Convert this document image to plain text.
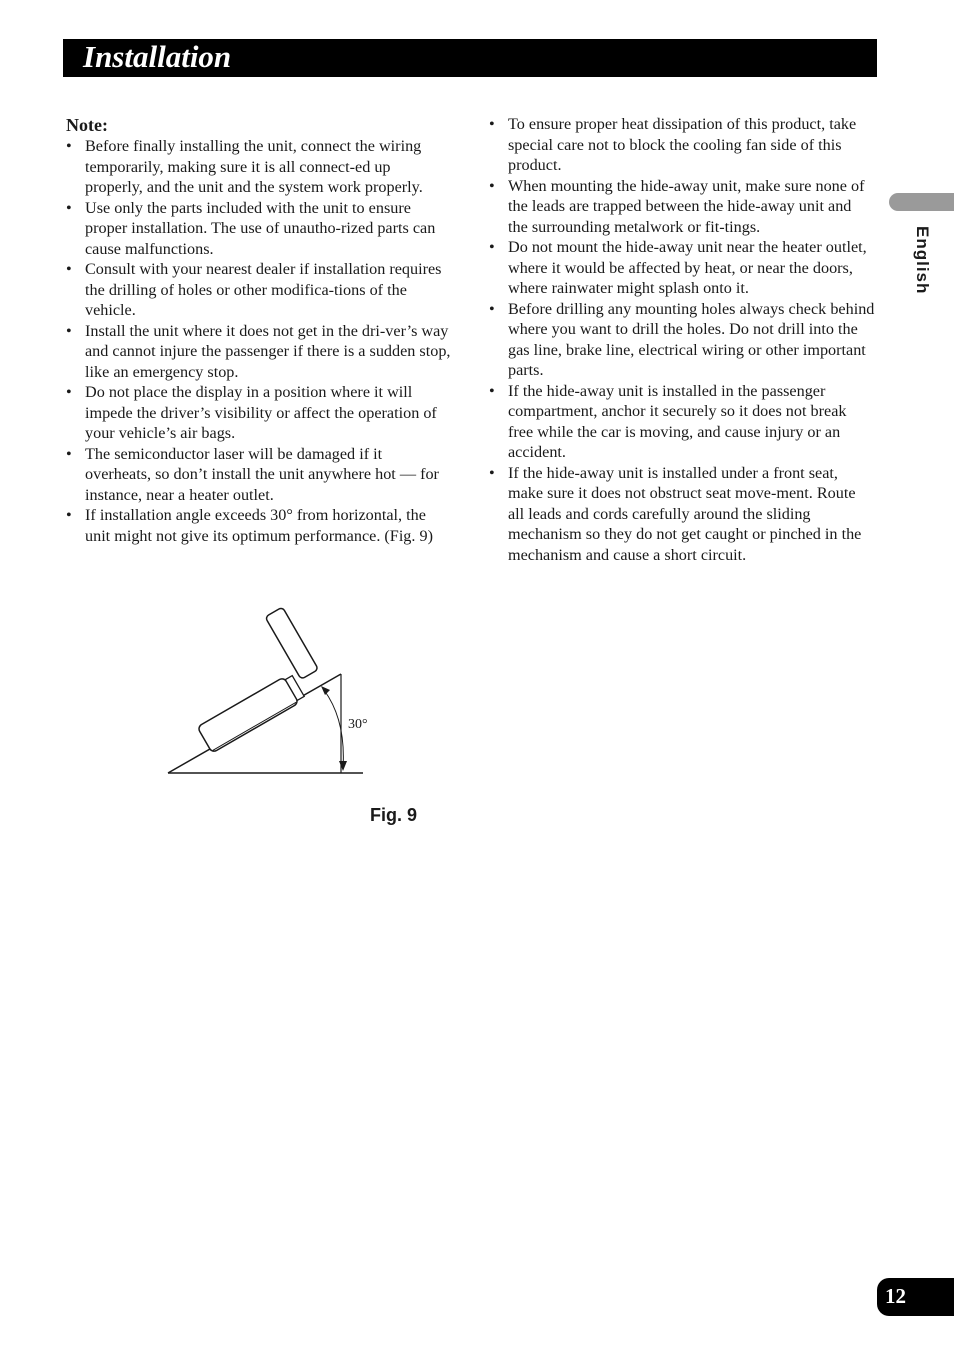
Installation
Note:
• Before finally installing the unit, connect the wiring temporarily, making sure it is all connect-ed up properly, and the unit and the system work properly.
• Use only the parts included with the unit to ensure proper installation. The use of unautho-rized parts can cause malfunctions.
• Consult with your nearest dealer if installation requires the drilling of holes or other modifica-tions of the vehicle.
• Install the unit where it does not get in the dri-ver’s way and cannot injure the passenger if there is a sudden stop, like an emergency stop.
• Do not place the display in a position where it will impede the driver’s visibility or affect the operation of your vehicle’s air bags.
• The semiconductor laser will be damaged if it overheats, so don’t install the unit anywhere hot — for instance, near a heater outlet.
• If installation angle exceeds 30° from horizontal, the unit might not give its optimum performance. (Fig. 9)
• To ensure proper heat dissipation of this product, take special care not to block the cooling fan side of this product.
• When mounting the hide-away unit, make sure none of the leads are trapped between the hide-away unit and the surrounding metalwork or fit-tings.
• Do not mount the hide-away unit near the heater outlet, where it would be affected by heat, or near the doors, where rainwater might splash onto it.
• Before drilling any mounting holes always check behind where you want to drill the holes. Do not drill into the gas line, brake line, electrical wiring or other important parts.
• If the hide-away unit is installed in the passenger compartment, anchor it securely so it does not break free while the car is moving, and cause injury or an accident.
• If the hide-away unit is installed under a front seat, make sure it does not obstruct seat move-ment. Route all leads and cords carefully around the sliding mechanism so they do not get caught or pinched in the mechanism and cause a short circuit.
30°
Fig. 9
English
12
